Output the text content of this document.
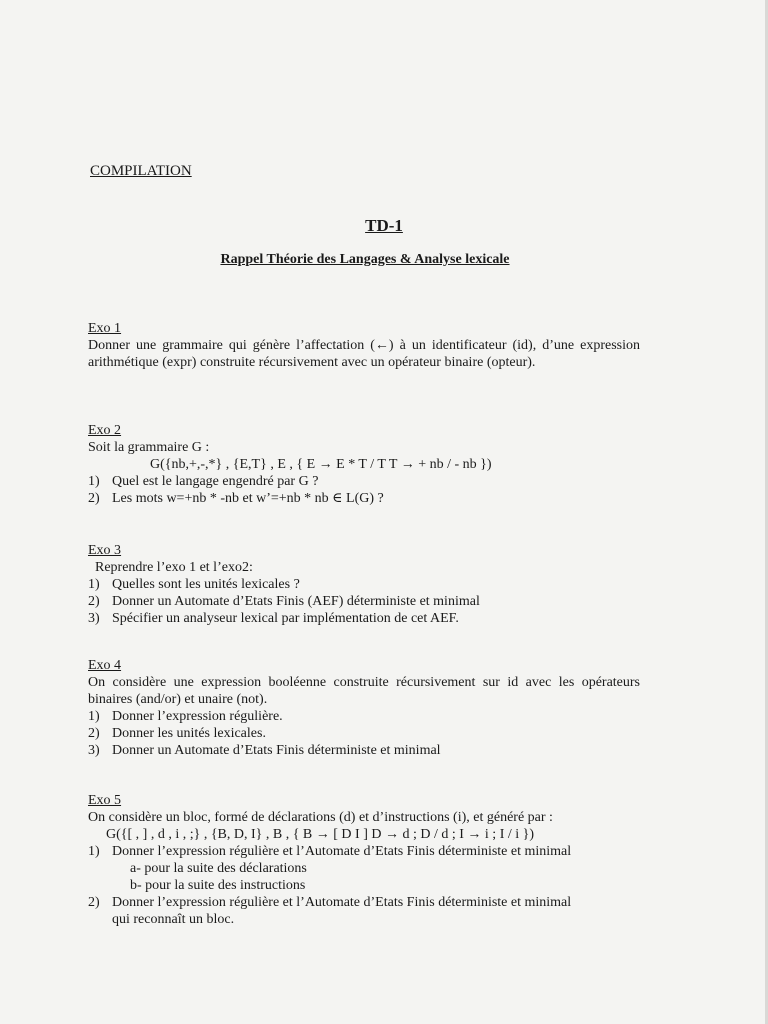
COMPILATION
TD-1
Rappel Théorie des Langages & Analyse lexicale
Exo 1
Donner une grammaire qui génère l’affectation (←) à un identificateur (id), d’une expression arithmétique (expr) construite récursivement avec un opérateur binaire (opteur).
Exo 2
Soit la grammaire G :
G({nb,+,-,*} , {E,T} , E , { E → E * T / T T → + nb / - nb })
1) Quel est le langage engendré par G ?
2) Les mots w=+nb * -nb et w’=+nb * nb ∈ L(G) ?
Exo 3
Reprendre l’exo 1 et l’exo2:
1) Quelles sont les unités lexicales ?
2) Donner un Automate d’Etats Finis (AEF) déterministe et minimal
3) Spécifier un analyseur lexical par implémentation de cet AEF.
Exo 4
On considère une expression booléenne construite récursivement sur id avec les opérateurs binaires (and/or) et unaire (not).
1) Donner l’expression régulière.
2) Donner les unités lexicales.
3) Donner un Automate d’Etats Finis déterministe et minimal
Exo 5
On considère un bloc, formé de déclarations (d) et d’instructions (i), et généré par :
G({[ , ] , d , i , ;} , {B, D, I} , B , { B → [ D I ] D → d ; D / d ; I → i ; I / i })
1) Donner l’expression régulière et l’Automate d’Etats Finis déterministe et minimal
a- pour la suite des déclarations
b- pour la suite des instructions
2) Donner l’expression régulière et l’Automate d’Etats Finis déterministe et minimal
qui reconnaît un bloc.
